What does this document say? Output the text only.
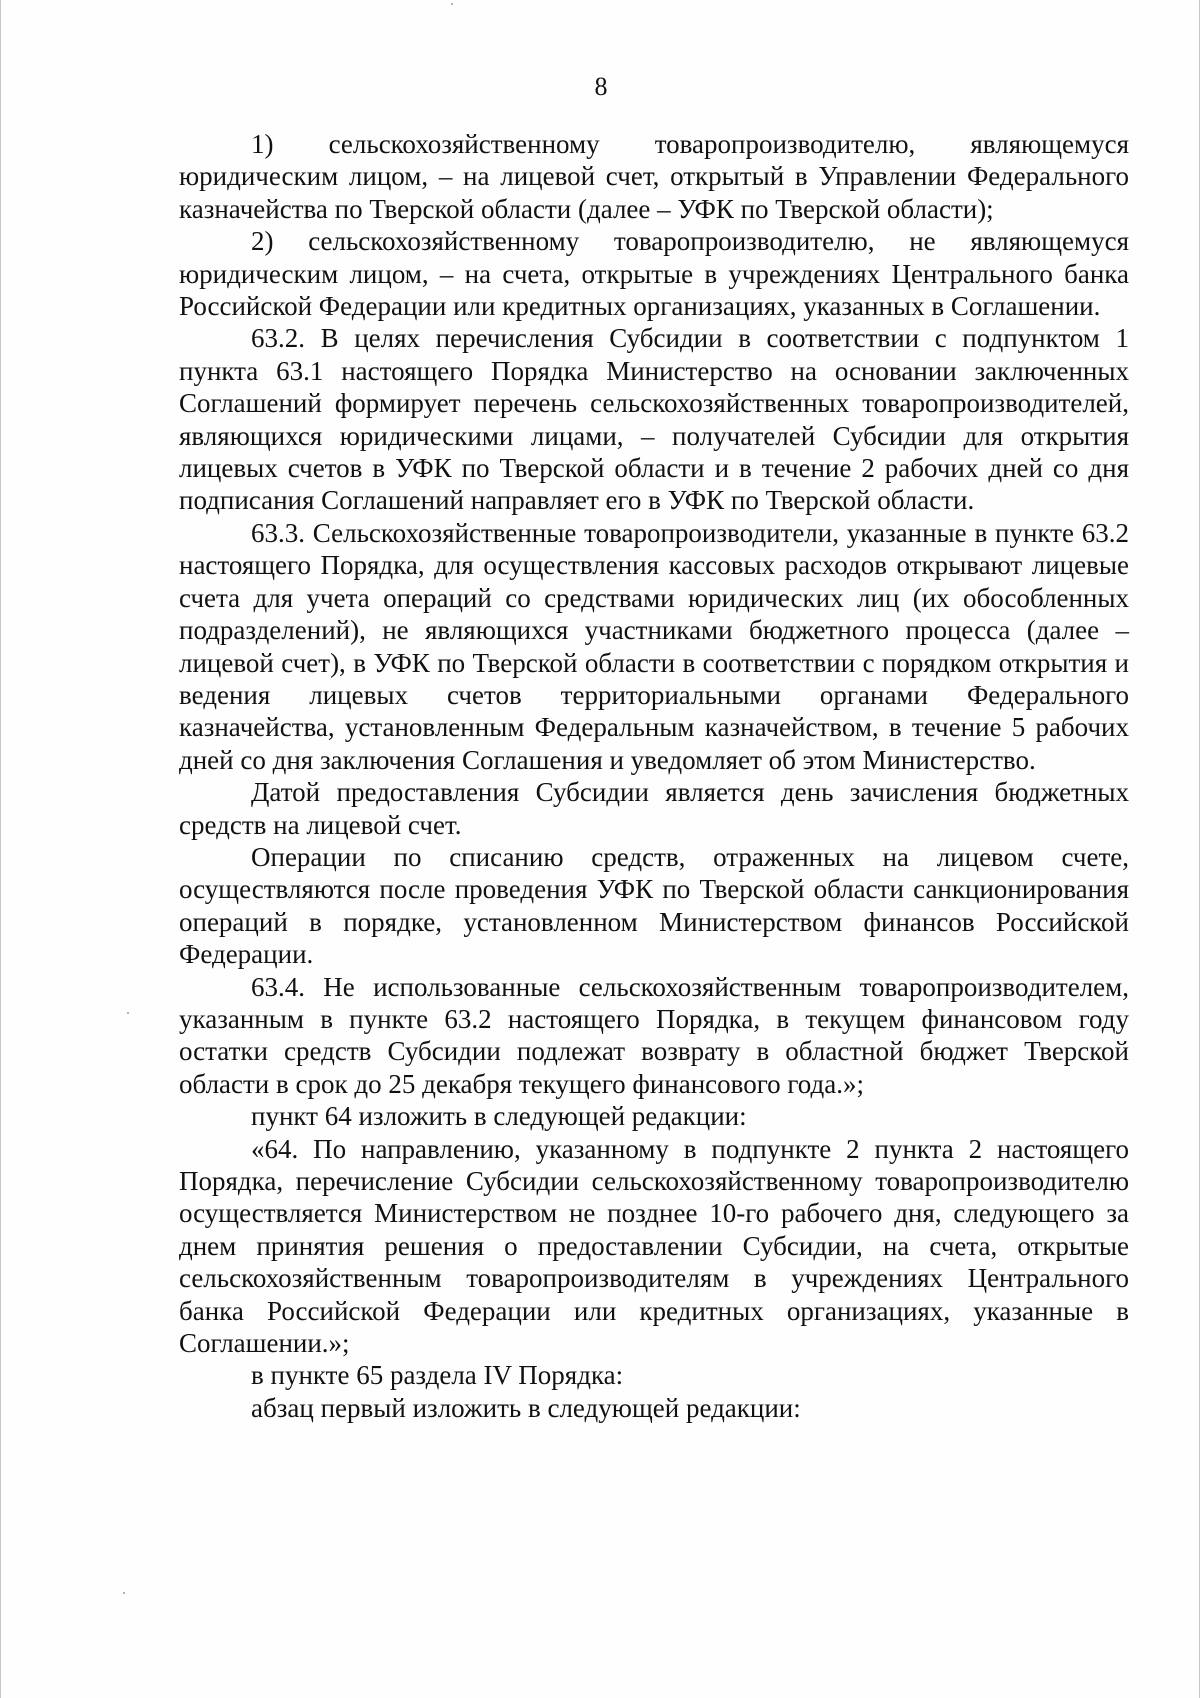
8

1) сельскохозяйственному товаропроизводителю, являющемуся юридическим лицом, – на лицевой счет, открытый в Управлении Федерального казначейства по Тверской области (далее – УФК по Тверской области);

2) сельскохозяйственному товаропроизводителю, не являющемуся юридическим лицом, – на счета, открытые в учреждениях Центрального банка Российской Федерации или кредитных организациях, указанных в Соглашении.

63.2. В целях перечисления Субсидии в соответствии с подпунктом 1 пункта 63.1 настоящего Порядка Министерство на основании заключенных Соглашений формирует перечень сельскохозяйственных товаропроизводителей, являющихся юридическими лицами, – получателей Субсидии для открытия лицевых счетов в УФК по Тверской области и в течение 2 рабочих дней со дня подписания Соглашений направляет его в УФК по Тверской области.

63.3. Сельскохозяйственные товаропроизводители, указанные в пункте 63.2 настоящего Порядка, для осуществления кассовых расходов открывают лицевые счета для учета операций со средствами юридических лиц (их обособленных подразделений), не являющихся участниками бюджетного процесса (далее – лицевой счет), в УФК по Тверской области в соответствии с порядком открытия и ведения лицевых счетов территориальными органами Федерального казначейства, установленным Федеральным казначейством, в течение 5 рабочих дней со дня заключения Соглашения и уведомляет об этом Министерство.

Датой предоставления Субсидии является день зачисления бюджетных средств на лицевой счет.

Операции по списанию средств, отраженных на лицевом счете, осуществляются после проведения УФК по Тверской области санкционирования операций в порядке, установленном Министерством финансов Российской Федерации.

63.4. Не использованные сельскохозяйственным товаропроизводителем, указанным в пункте 63.2 настоящего Порядка, в текущем финансовом году остатки средств Субсидии подлежат возврату в областной бюджет Тверской области в срок до 25 декабря текущего финансового года.»;

пункт 64 изложить в следующей редакции:

«64. По направлению, указанному в подпункте 2 пункта 2 настоящего Порядка, перечисление Субсидии сельскохозяйственному товаропроизводителю осуществляется Министерством не позднее 10-го рабочего дня, следующего за днем принятия решения о предоставлении Субсидии, на счета, открытые сельскохозяйственным товаропроизводителям в учреждениях Центрального банка Российской Федерации или кредитных организациях, указанные в Соглашении.»;

в пункте 65 раздела IV Порядка:

абзац первый изложить в следующей редакции:
